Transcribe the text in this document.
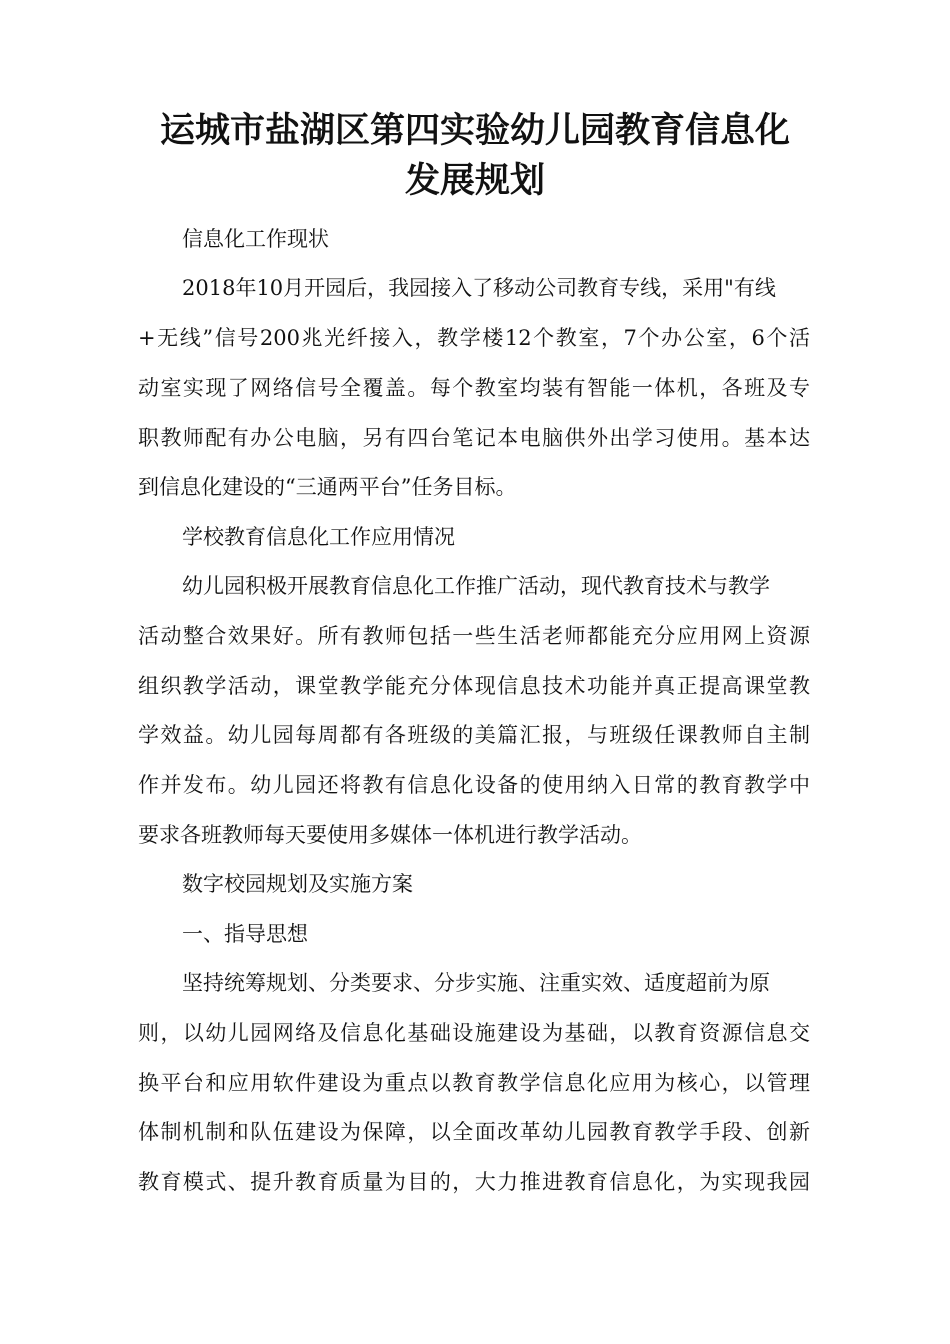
运城市盐湖区第四实验幼儿园教育信息化
发展规划

信息化工作现状

2018年10月开园后，我园接入了移动公司教育专线，采用"有线

+无线”信号200兆光纤接入，教学楼12个教室，7个办公室，6个活

动室实现了网络信号全覆盖。每个教室均装有智能一体机，各班及专

职教师配有办公电脑，另有四台笔记本电脑供外出学习使用。基本达

到信息化建设的“三通两平台”任务目标。

学校教育信息化工作应用情况

幼儿园积极开展教育信息化工作推广活动，现代教育技术与教学

活动整合效果好。所有教师包括一些生活老师都能充分应用网上资源

组织教学活动，课堂教学能充分体现信息技术功能并真正提高课堂教

学效益。幼儿园每周都有各班级的美篇汇报，与班级任课教师自主制

作并发布。幼儿园还将教有信息化设备的使用纳入日常的教育教学中

要求各班教师每天要使用多媒体一体机进行教学活动。

数字校园规划及实施方案

一、指导思想

坚持统筹规划、分类要求、分步实施、注重实效、适度超前为原

则，以幼儿园网络及信息化基础设施建设为基础，以教育资源信息交

换平台和应用软件建设为重点以教育教学信息化应用为核心，以管理

体制机制和队伍建设为保障，以全面改革幼儿园教育教学手段、创新

教育模式、提升教育质量为目的，大力推进教育信息化，为实现我园
